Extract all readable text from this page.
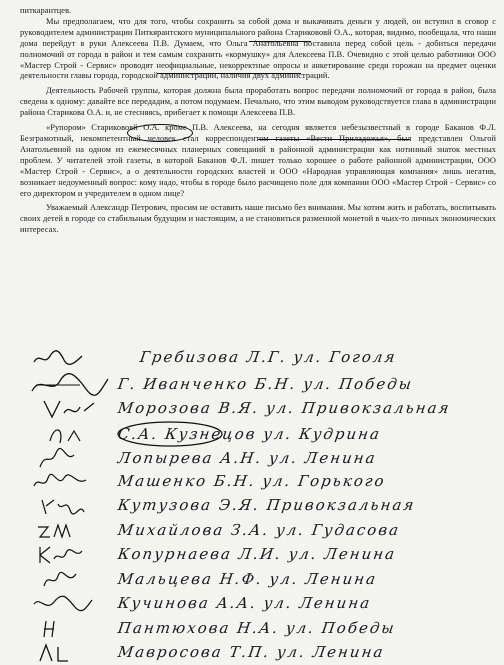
питкарантцев.

Мы предполагаем, что для того, чтобы сохранить за собой дома и выкачивать деньги у людей, он вступил в сговор с руководителем администрации Питкярантского муниципального района Старикововй О.А., которая, видимо, пообещала, что наши дома перейдут в руки Алексеева П.В. Думаем, что Ольга Анатольевна поставила перед собой цель - добиться передачи полномочий от города в район и тем самым сохранить «кормушку» для Алексеева П.В. Очевидно с этой целью работники ООО «Мастер Строй - Сервис» проводят неофициальные, некорректные опросы и анкетирование среди горожан на предмет оценки деятельности главы города, городской администрации, наличия двух администраций.

Деятельность Рабочей группы, которая должна была проработать вопрос передачи полномочий от города в район, была сведена к одному: давайте все передадим, а потом подумаем. Печально, что этим выводом руководствуется глава в администрации района Старикова О.А. и, не стесняясь, прибегает к помощи Алексеева П.В.

«Рупором» Старикововй О.А. кроме П.В. Алексеева, на сегодня является небезызвестный в городе Баканов Ф.Л. Безграмотный, некомпетентный человек стал корреспондентом газеты «Вести Приладожья», был представлен Ольгой Анатольевной на одном из ежемесячных планерных совещаний в районной администрации как нотинный знаток местных проблем. У читателей этой газеты, в которой Баканов Ф.Л. пишет только хорошее о работе районной администрации, ООО «Мастер Строй - Сервис», а о деятельности городских властей и ООО «Народная управляющая компания» лишь негатив, возникает недоуменный вопрос: кому надо, чтобы в городе было расчищено поле для компании ООО «Мастер Строй - Сервис» со его директором и учредителем в одном лице?

Уважаемый Александр Петрович, просим не оставить наше письмо без внимания. Мы хотим жить и работать, воспитывать своих детей в городе со стабильным будущим и настоящим, а не становиться разменной монетой в чьих-то личных экономических интересах.

Гребизова Л.Г. ул. Гоголя
Г. Иванченко Б.Н. ул. Победы
Морозова В.Я. ул. Привокзальная
С.А. Кузнецов ул. Кудрина
Лопырева А.Н. ул. Ленина
Машенко Б.Н. ул. Горького
Кутузова Э.Я. Привокзальная
Михайлова З.А. ул. Гудасова
Копурнаева Л.И. ул. Ленина
Мальцева Н.Ф. ул. Ленина
Кучинова А.А. ул. Ленина
Пантюхова Н.А. ул. Победы
Мавросова Т.П. ул. Ленина
